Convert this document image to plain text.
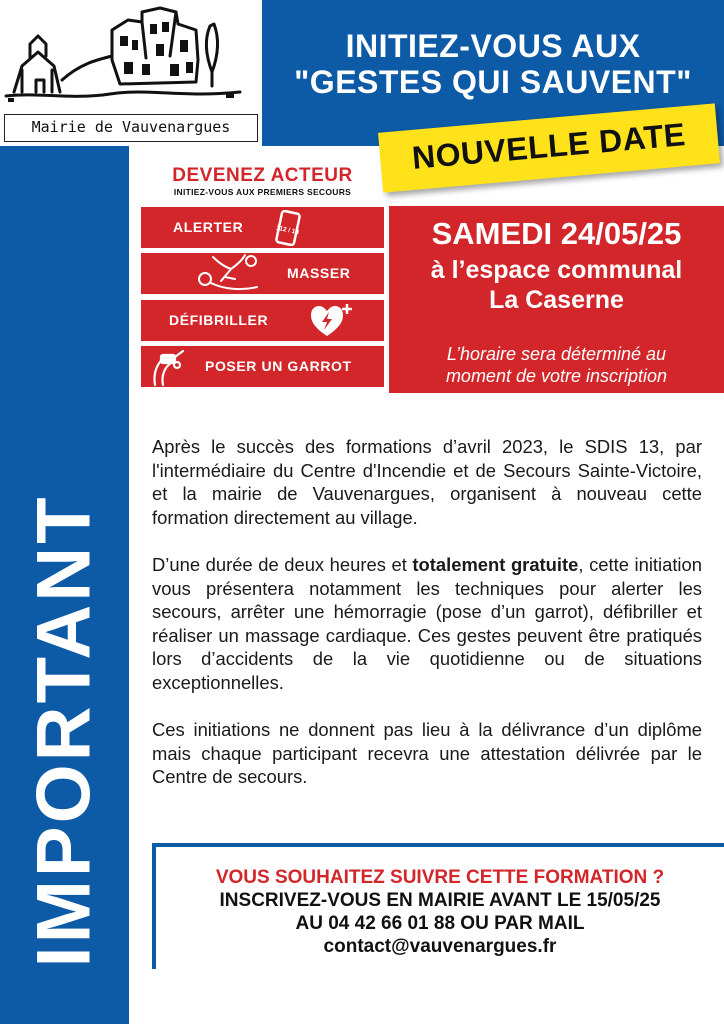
Mairie de Vauvenargues
INITIEZ-VOUS AUX
"GESTES QUI SAUVENT"
IMPORTANT
DEVENEZ ACTEUR
INITIEZ-VOUS AUX PREMIERS SECOURS
ALERTER	112 / 18
MASSER
DÉFIBRILLER
POSER UN GARROT
SAMEDI 24/05/25
à l’espace communal
La Caserne
L’horaire sera déterminé au
moment de votre inscription
NOUVELLE DATE

Après le succès des formations d’avril 2023, le SDIS 13, par l'intermédiaire du Centre d'Incendie et de Secours Sainte-Victoire, et la mairie de Vauvenargues, organisent à nouveau cette formation directement au village.

D’une durée de deux heures et totalement gratuite, cette initiation vous présentera notamment les techniques pour alerter les secours, arrêter une hémorragie (pose d’un garrot), défibriller et réaliser un massage cardiaque. Ces gestes peuvent être pratiqués lors d’accidents de la vie quotidienne ou de situations exceptionnelles.

Ces initiations ne donnent pas lieu à la délivrance d’un diplôme mais chaque participant recevra une attestation délivrée par le Centre de secours.

VOUS SOUHAITEZ SUIVRE CETTE FORMATION ?
INSCRIVEZ-VOUS EN MAIRIE AVANT LE 15/05/25
AU 04 42 66 01 88 OU PAR MAIL
contact@vauvenargues.fr
